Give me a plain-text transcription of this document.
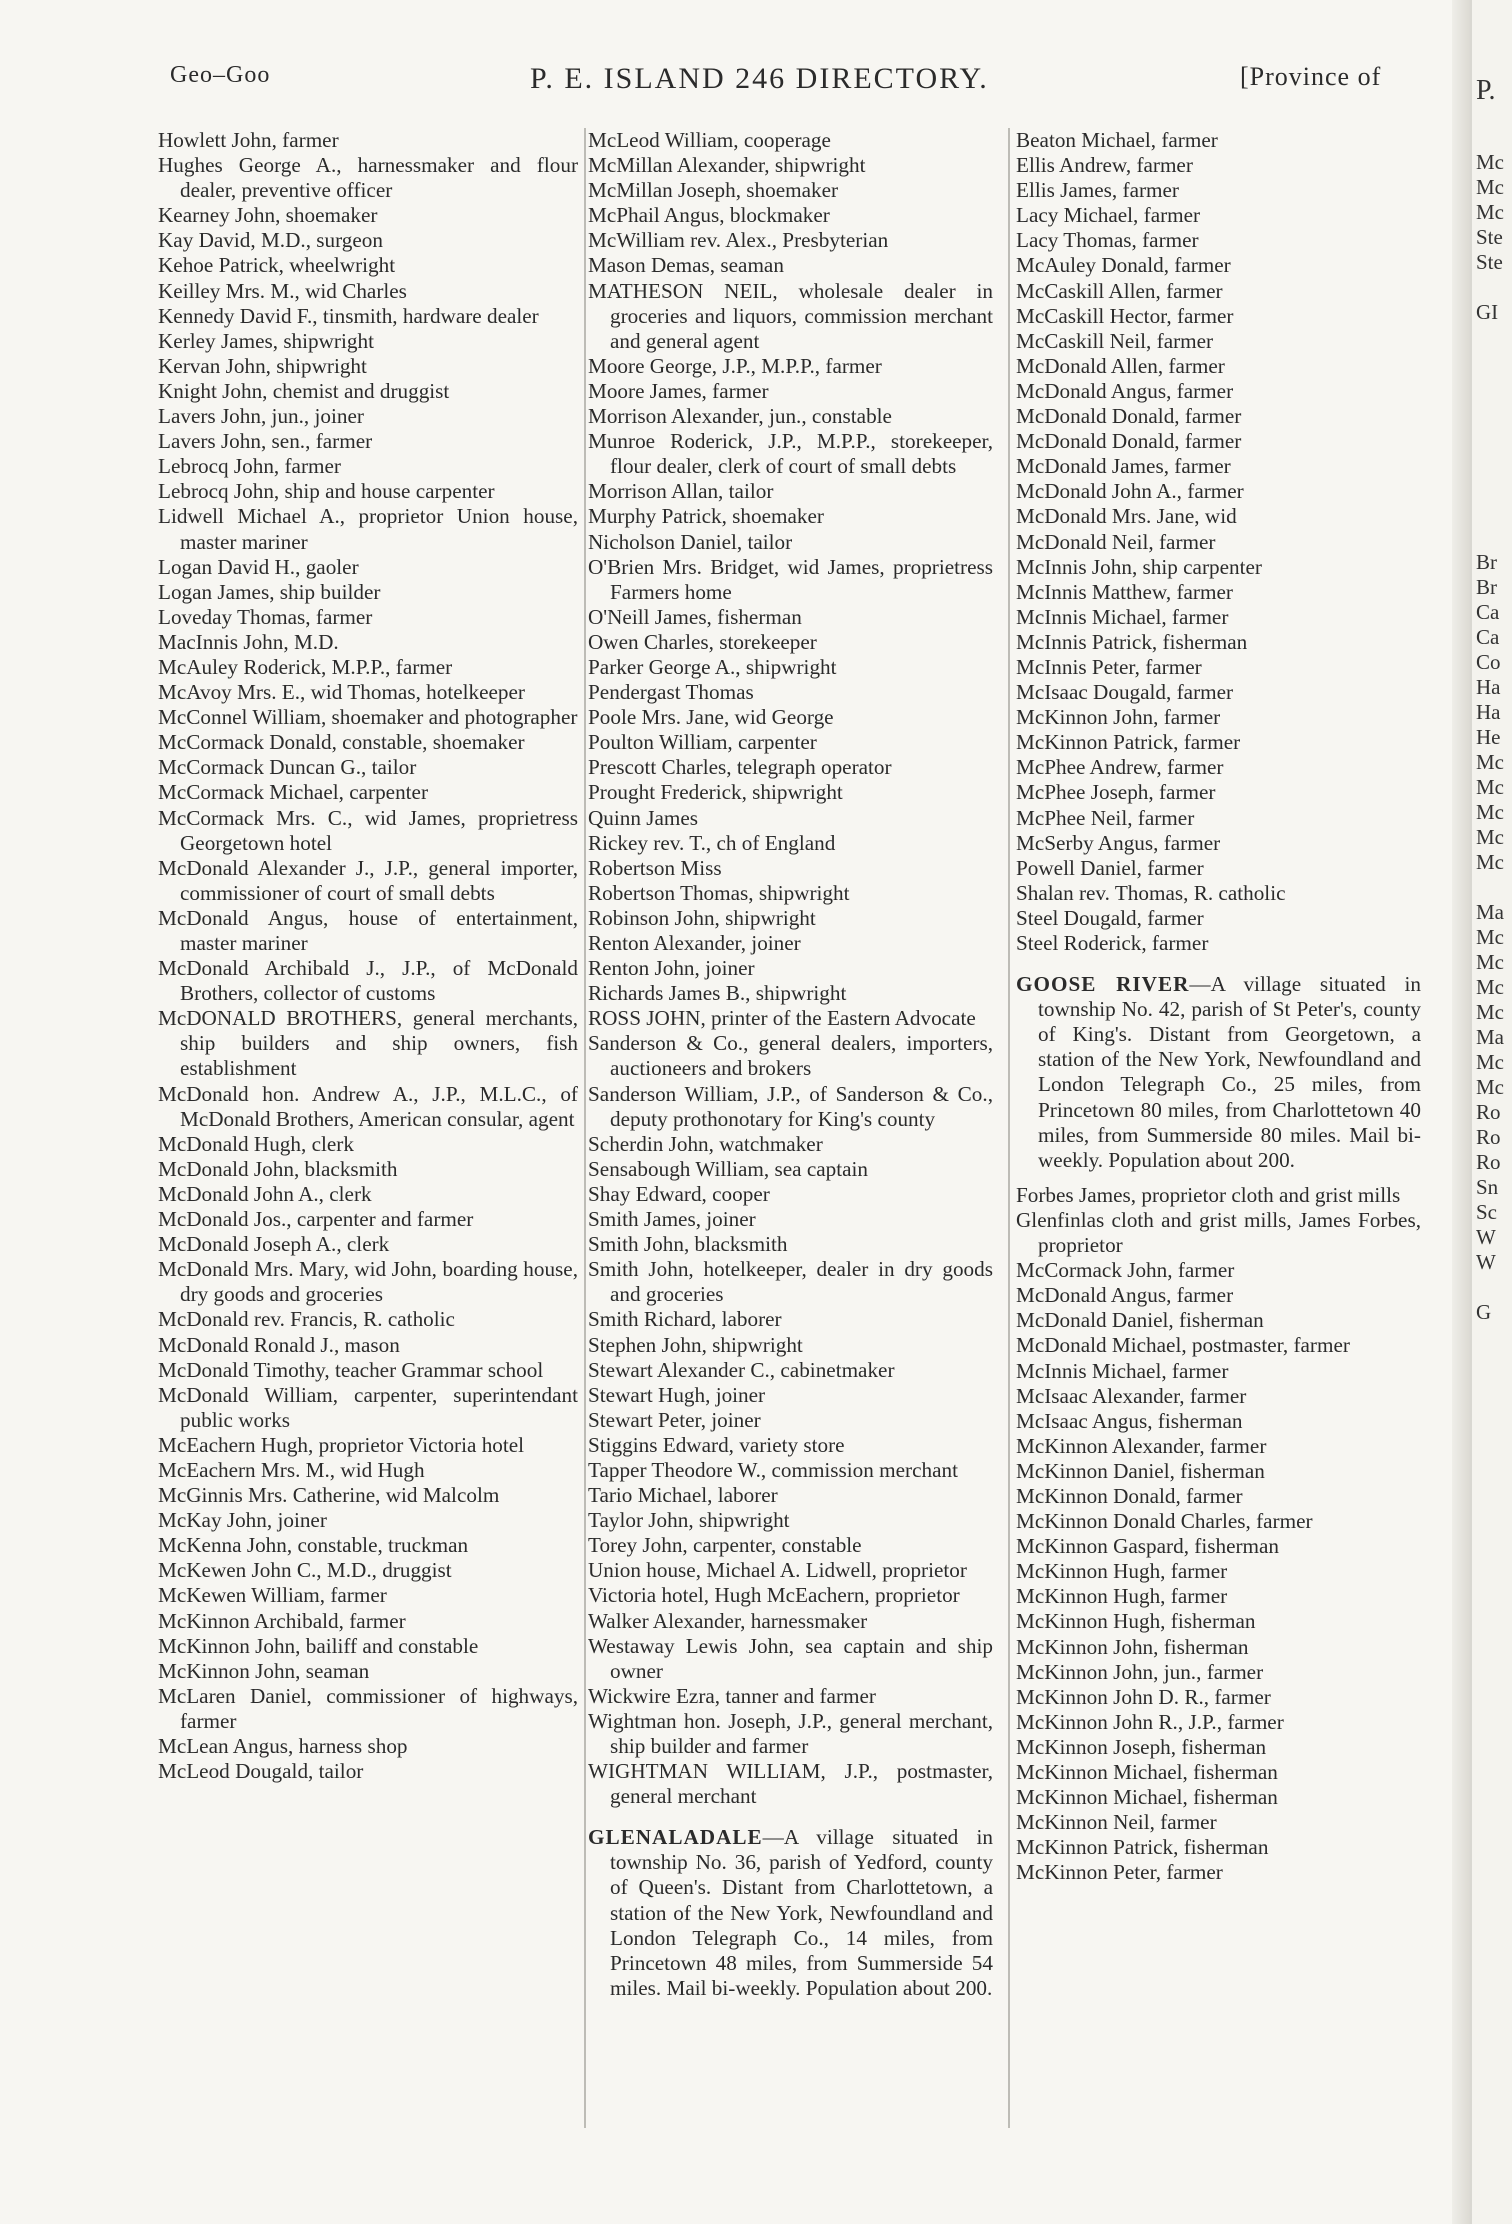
Geo–Goo	P. E. ISLAND 246 DIRECTORY.	[Province of
Howlett John, farmer
Hughes George A., harnessmaker and flour dealer, preventive officer
Kearney John, shoemaker
Kay David, M.D., surgeon
Kehoe Patrick, wheelwright
Keilley Mrs. M., wid Charles
Kennedy David F., tinsmith, hardware dealer
Kerley James, shipwright
Kervan John, shipwright
Knight John, chemist and druggist
Lavers John, jun., joiner
Lavers John, sen., farmer
Lebrocq John, farmer
Lebrocq John, ship and house carpenter
Lidwell Michael A., proprietor Union house, master mariner
Logan David H., gaoler
Logan James, ship builder
Loveday Thomas, farmer
MacInnis John, M.D.
McAuley Roderick, M.P.P., farmer
McAvoy Mrs. E., wid Thomas, hotelkeeper
McConnel William, shoemaker and photographer
McCormack Donald, constable, shoemaker
McCormack Duncan G., tailor
McCormack Michael, carpenter
McCormack Mrs. C., wid James, proprietress Georgetown hotel
McDonald Alexander J., J.P., general importer, commissioner of court of small debts
McDonald Angus, house of entertainment, master mariner
McDonald Archibald J., J.P., of McDonald Brothers, collector of customs
McDONALD BROTHERS, general merchants, ship builders and ship owners, fish establishment
McDonald hon. Andrew A., J.P., M.L.C., of McDonald Brothers, American consular, agent
McDonald Hugh, clerk
McDonald John, blacksmith
McDonald John A., clerk
McDonald Jos., carpenter and farmer
McDonald Joseph A., clerk
McDonald Mrs. Mary, wid John, boarding house, dry goods and groceries
McDonald rev. Francis, R. catholic
McDonald Ronald J., mason
McDonald Timothy, teacher Grammar school
McDonald William, carpenter, superintendant public works
McEachern Hugh, proprietor Victoria hotel
McEachern Mrs. M., wid Hugh
McGinnis Mrs. Catherine, wid Malcolm
McKay John, joiner
McKenna John, constable, truckman
McKewen John C., M.D., druggist
McKewen William, farmer
McKinnon Archibald, farmer
McKinnon John, bailiff and constable
McKinnon John, seaman
McLaren Daniel, commissioner of highways, farmer
McLean Angus, harness shop
McLeod Dougald, tailor
McLeod William, cooperage
McMillan Alexander, shipwright
McMillan Joseph, shoemaker
McPhail Angus, blockmaker
McWilliam rev. Alex., Presbyterian
Mason Demas, seaman
MATHESON NEIL, wholesale dealer in groceries and liquors, commission merchant and general agent
Moore George, J.P., M.P.P., farmer
Moore James, farmer
Morrison Alexander, jun., constable
Munroe Roderick, J.P., M.P.P., storekeeper, flour dealer, clerk of court of small debts
Morrison Allan, tailor
Murphy Patrick, shoemaker
Nicholson Daniel, tailor
O'Brien Mrs. Bridget, wid James, proprietress Farmers home
O'Neill James, fisherman
Owen Charles, storekeeper
Parker George A., shipwright
Pendergast Thomas
Poole Mrs. Jane, wid George
Poulton William, carpenter
Prescott Charles, telegraph operator
Prought Frederick, shipwright
Quinn James
Rickey rev. T., ch of England
Robertson Miss
Robertson Thomas, shipwright
Robinson John, shipwright
Renton Alexander, joiner
Renton John, joiner
Richards James B., shipwright
ROSS JOHN, printer of the Eastern Advocate
Sanderson & Co., general dealers, importers, auctioneers and brokers
Sanderson William, J.P., of Sanderson & Co., deputy prothonotary for King's county
Scherdin John, watchmaker
Sensabough William, sea captain
Shay Edward, cooper
Smith James, joiner
Smith John, blacksmith
Smith John, hotelkeeper, dealer in dry goods and groceries
Smith Richard, laborer
Stephen John, shipwright
Stewart Alexander C., cabinetmaker
Stewart Hugh, joiner
Stewart Peter, joiner
Stiggins Edward, variety store
Tapper Theodore W., commission merchant
Tario Michael, laborer
Taylor John, shipwright
Torey John, carpenter, constable
Union house, Michael A. Lidwell, proprietor
Victoria hotel, Hugh McEachern, proprietor
Walker Alexander, harnessmaker
Westaway Lewis John, sea captain and ship owner
Wickwire Ezra, tanner and farmer
Wightman hon. Joseph, J.P., general merchant, ship builder and farmer
WIGHTMAN WILLIAM, J.P., postmaster, general merchant
GLENALADALE—A village situated in township No. 36, parish of Yedford, county of Queen's. Distant from Charlottetown, a station of the New York, Newfoundland and London Telegraph Co., 14 miles, from Princetown 48 miles, from Summerside 54 miles. Mail bi-weekly. Population about 200.
Beaton Michael, farmer
Ellis Andrew, farmer
Ellis James, farmer
Lacy Michael, farmer
Lacy Thomas, farmer
McAuley Donald, farmer
McCaskill Allen, farmer
McCaskill Hector, farmer
McCaskill Neil, farmer
McDonald Allen, farmer
McDonald Angus, farmer
McDonald Donald, farmer
McDonald Donald, farmer
McDonald James, farmer
McDonald John A., farmer
McDonald Mrs. Jane, wid
McDonald Neil, farmer
McInnis John, ship carpenter
McInnis Matthew, farmer
McInnis Michael, farmer
McInnis Patrick, fisherman
McInnis Peter, farmer
McIsaac Dougald, farmer
McKinnon John, farmer
McKinnon Patrick, farmer
McPhee Andrew, farmer
McPhee Joseph, farmer
McPhee Neil, farmer
McSerby Angus, farmer
Powell Daniel, farmer
Shalan rev. Thomas, R. catholic
Steel Dougald, farmer
Steel Roderick, farmer
GOOSE RIVER—A village situated in township No. 42, parish of St Peter's, county of King's. Distant from Georgetown, a station of the New York, Newfoundland and London Telegraph Co., 25 miles, from Princetown 80 miles, from Charlottetown 40 miles, from Summerside 80 miles. Mail bi-weekly. Population about 200.
Forbes James, proprietor cloth and grist mills
Glenfinlas cloth and grist mills, James Forbes, proprietor
McCormack John, farmer
McDonald Angus, farmer
McDonald Daniel, fisherman
McDonald Michael, postmaster, farmer
McInnis Michael, farmer
McIsaac Alexander, farmer
McIsaac Angus, fisherman
McKinnon Alexander, farmer
McKinnon Daniel, fisherman
McKinnon Donald, farmer
McKinnon Donald Charles, farmer
McKinnon Gaspard, fisherman
McKinnon Hugh, farmer
McKinnon Hugh, farmer
McKinnon Hugh, fisherman
McKinnon John, fisherman
McKinnon John, jun., farmer
McKinnon John D. R., farmer
McKinnon John R., J.P., farmer
McKinnon Joseph, fisherman
McKinnon Michael, fisherman
McKinnon Michael, fisherman
McKinnon Neil, farmer
McKinnon Patrick, fisherman
McKinnon Peter, farmer
P.
Mc
Mc
Mc
Ste
Ste
GI
Br
Br
Ca
Ca
Co
Ha
Ha
He
Mc
Mc
Mc
Mc
Mc
Ma
Mc
Mc
Mc
Mc
Ma
Mc
Mc
Ro
Ro
Ro
Sn
Sc
W
W
G
